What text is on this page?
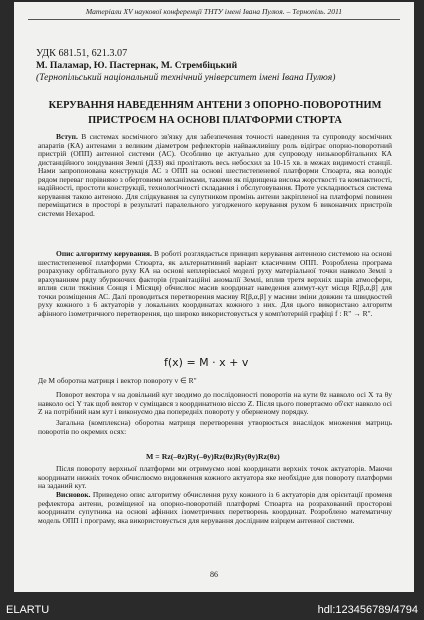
Матеріали XV наукової конференції ТНТУ імені Івана Пулюя. – Тернопіль. 2011
УДК 681.51, 621.3.07
М. Паламар, Ю. Пастернак, М. Стрембіцький
(Тернопільський національний технічний університет імені Івана Пулюя)
КЕРУВАННЯ НАВЕДЕННЯМ АНТЕНИ З ОПОРНО-ПОВОРОТНИМ ПРИСТРОЄМ НА ОСНОВІ ПЛАТФОРМИ СТЮРТА

Вступ. В системах космічного зв'язку для забезпечення точності наведення та супроводу космічних апаратів (КА) антенами з великим діаметром рефлекторів найважливішу роль відіграє опорно-поворотний пристрій (ОПП) антенної системи (АС). Особливо це актуально для супроводу низькоорбітальних КА дистанційного зондування Землі (ДЗЗ) які пролітають весь небосхил за 10-15 хв. в межах видимості станції. Нами запропонована конструкція АС з ОПП на основі шестистепеневої платформи Стюарта, яка володіє рядом переваг порівняно з обертовими механізмами, такими як підвищена висока жорсткості та компактності, надійності, простоти конструкції, технологічності складання і обслуговування. Проте ускладнюється система керування такою антеною. Для слідкування за супутником промінь антени закріпленої на платформі повинен переміщатися в просторі в результаті паралельного узгодженого керування рухом 6 виконавчих пристроїв системи Hexapod.

Опис алгоритму керування. В роботі розглядається принцип керування антенною системою на основі шестистепеневої платформи Стюарта, як альтернативний варіант класичним ОПП. Розроблена програма розрахунку орбітального руху КА на основі кеплерівської моделі руху матеріальної точки навколо Землі з врахуванням ряду збурюючих факторів (гравітаційні аномалії Землі, вплив третя верхніх шарів атмосфери, вплив сили тяжіння Сонця і Місяця) обчислює масив координат наведення азимут-кут місця R[β,α,β] для точки розміщення АС. Далі проводиться перетворення масиву R[β,α,β] у масиви зміни довжин та швидкостей руху кожного з 6 актуаторів у локальних координатах кожного з них. Для цього використано алгоритм афінного ізометричного перетворення, що широко використовується у комп'ютерній графіці f : R" → R".

f(x) = M · x + v
Де M оборотна матриця і вектор повороту v ∈ R"

Поворот вектора v на довільний кут зводимо до послідовності поворотів на кути θz навколо осі X та θy навколо осі Y так щоб вектор v суміщався з координатною віссю Z. Після цього повертаємо об'єкт навколо осі Z на потрібний нам кут і виконуємо два попередніх повороту у оберненому порядку.

Загальна (комплексна) оборотна матриця перетворення утворюється внаслідок множення матриць поворотів по окремих осях:

M = Rz(–θz)Ry(–θy)Rz(θz)Ry(θy)Rz(θz)

Після повороту верхньої платформи ми отримуємо нові координати верхніх точок актуаторів. Маючи координати нижніх точок обчислюємо видовження кожного актуатора яке необхідне для повороту платформи на заданий кут.

Висновок. Приведено опис алгоритму обчислення руху кожного із 6 актуаторів для орієнтації променя рефлектора антени, розміщеної на опорно-поворотній платформі Стюарта на розрахований просторові координати супутника на основі афінних ізометричних перетворень координат. Розроблено математичну модель ОПП і програму, яка використовується для керування дослідним взірцем антенної системи.

86
ELARTU	hdl:123456789/4794
